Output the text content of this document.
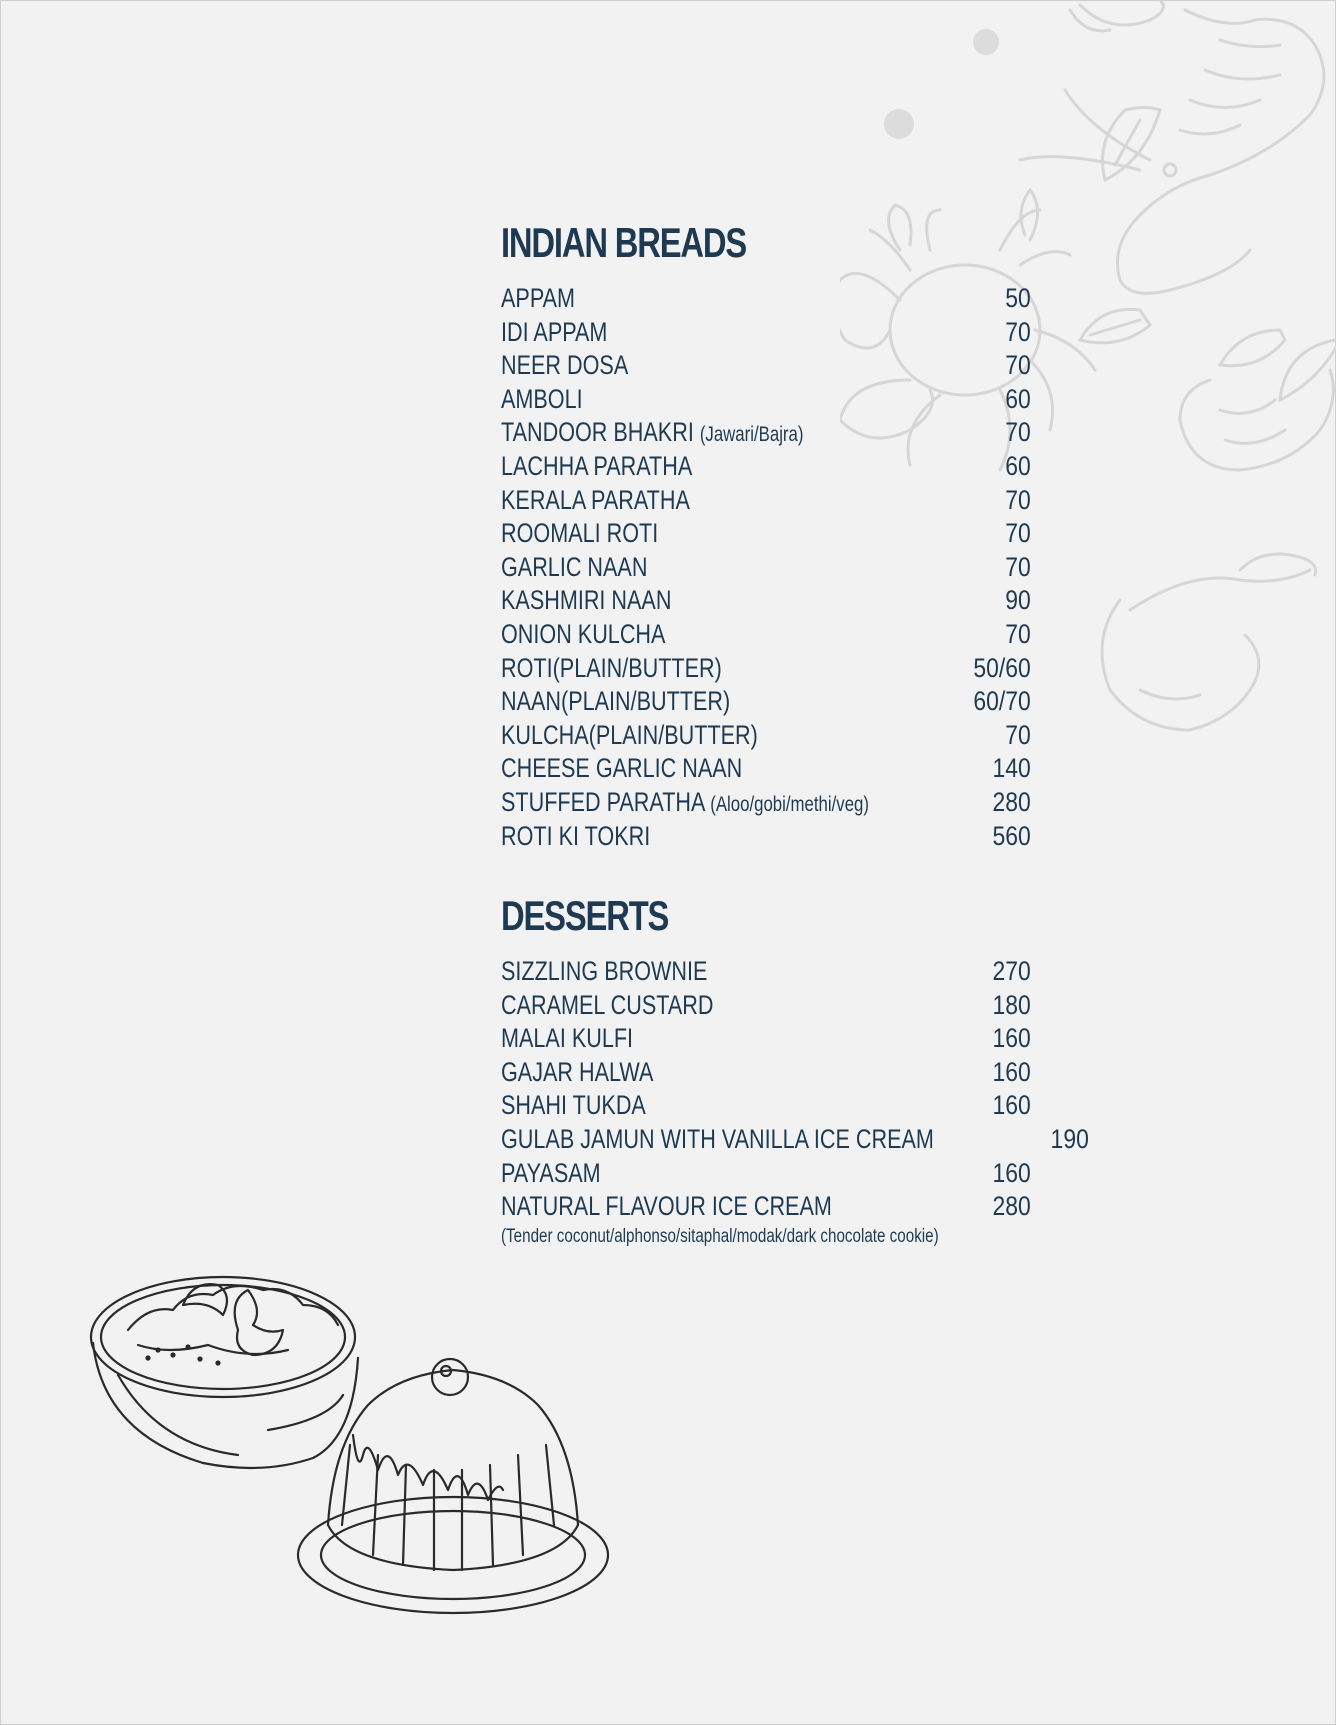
INDIAN BREADS
APPAM	50
IDI APPAM	70
NEER DOSA	70
AMBOLI	60
TANDOOR BHAKRI (Jawari/Bajra)	70
LACHHA PARATHA	60
KERALA PARATHA	70
ROOMALI ROTI	70
GARLIC NAAN	70
KASHMIRI NAAN	90
ONION KULCHA	70
ROTI(PLAIN/BUTTER)	50/60
NAAN(PLAIN/BUTTER)	60/70
KULCHA(PLAIN/BUTTER)	70
CHEESE GARLIC NAAN	140
STUFFED PARATHA (Aloo/gobi/methi/veg)	280
ROTI KI TOKRI	560
DESSERTS
SIZZLING BROWNIE	270
CARAMEL CUSTARD	180
MALAI KULFI	160
GAJAR HALWA	160
SHAHI TUKDA	160
GULAB JAMUN WITH VANILLA ICE CREAM	190
PAYASAM	160
NATURAL FLAVOUR ICE CREAM	280
(Tender coconut/alphonso/sitaphal/modak/dark chocolate cookie)
